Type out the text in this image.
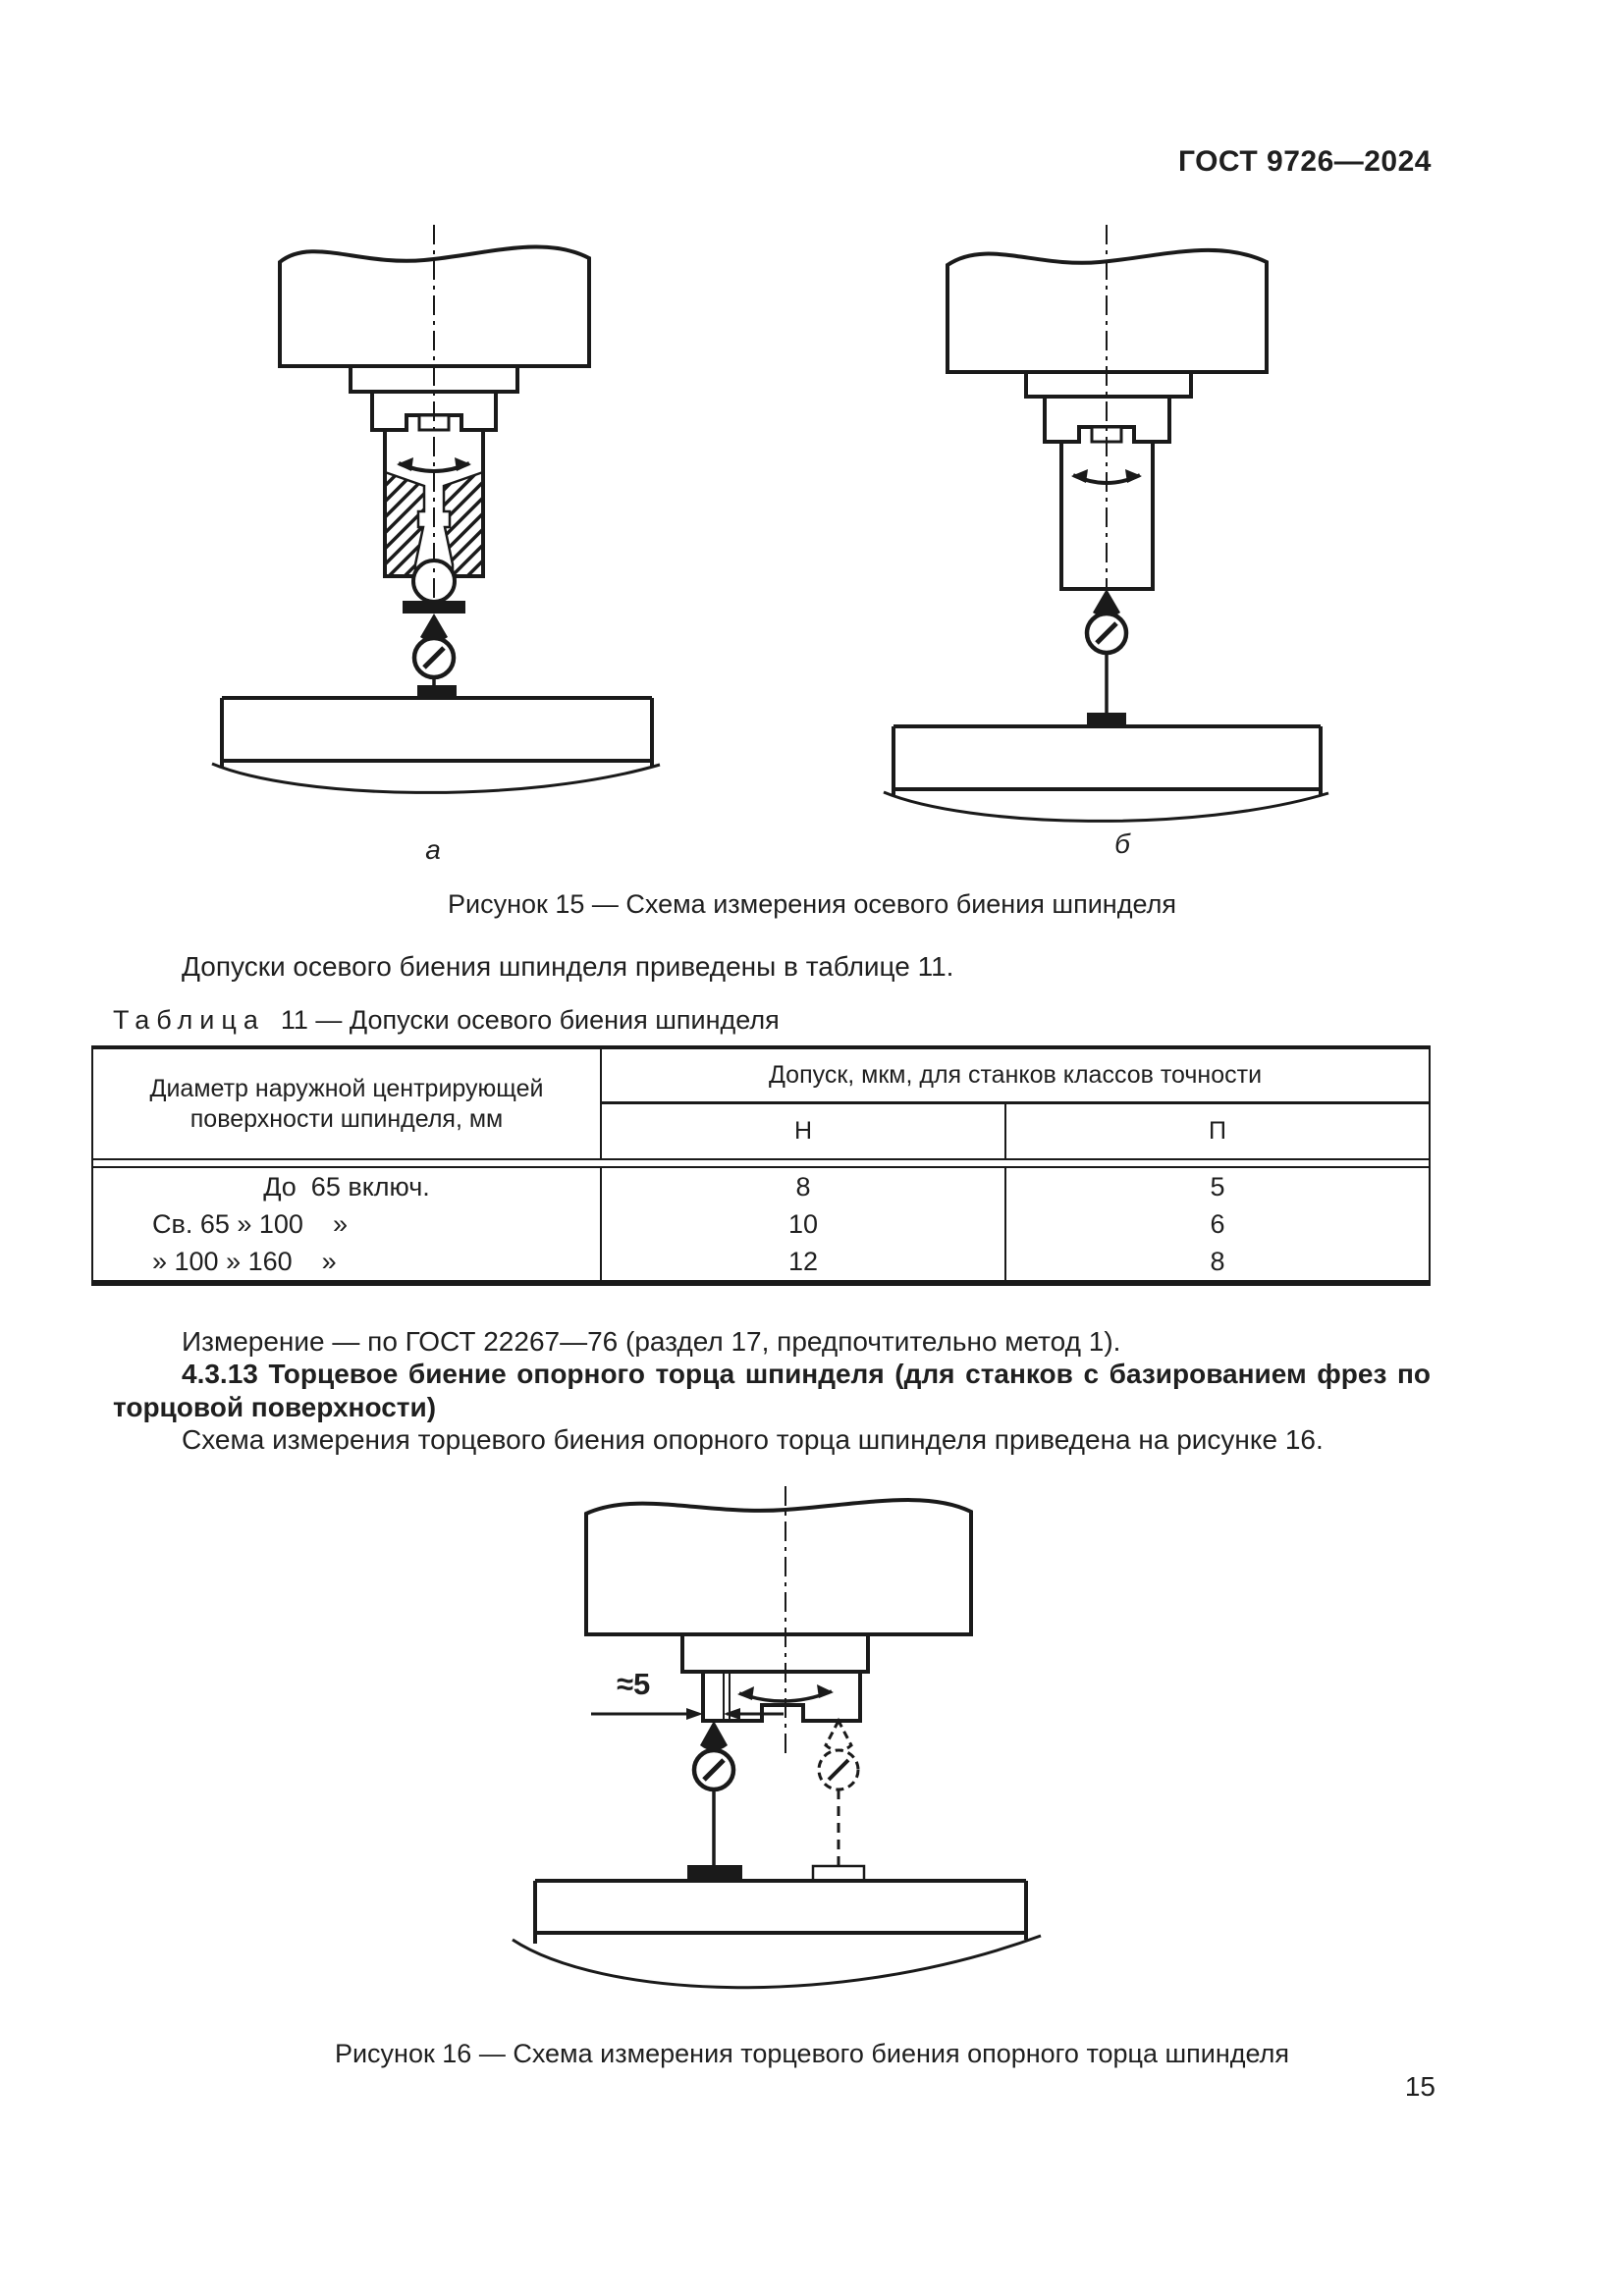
ГОСТ 9726—2024
а	б
Рисунок 15 — Схема измерения осевого биения шпинделя
Допуски осевого биения шпинделя приведены в таблице 11.
Таблица 11 — Допуски осевого биения шпинделя
Диаметр наружной центрирующей поверхности шпинделя, мм
Допуск, мкм, для станков классов точности
Н	П
До  65 включ.	8	5
Св. 65 » 100    »	10	6
» 100 » 160    »	12	8
Измерение — по ГОСТ 22267—76 (раздел 17, предпочтительно метод 1).
4.3.13 Торцевое биение опорного торца шпинделя (для станков с базированием фрез по
торцовой поверхности)
Схема измерения торцевого биения опорного торца шпинделя приведена на рисунке 16.
≈5
Рисунок 16 — Схема измерения торцевого биения опорного торца шпинделя
15
